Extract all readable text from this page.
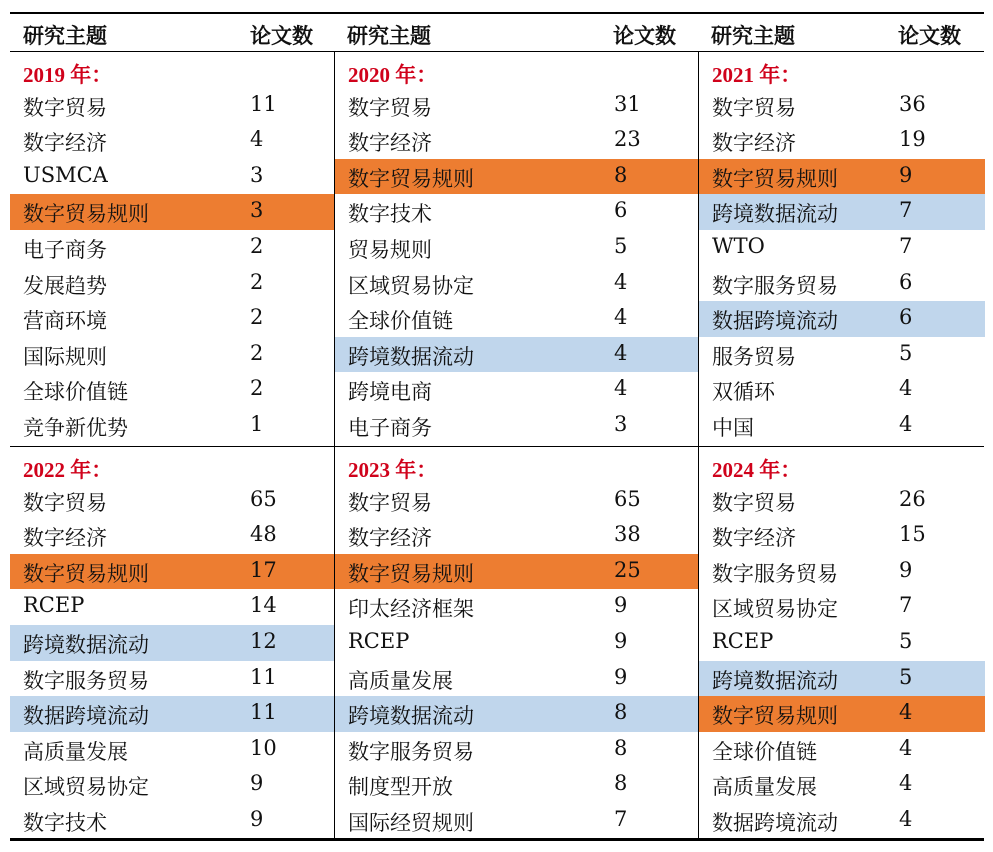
研究主题	论文数 研究主题	论文数 研究主题	论文数
2019 年：
数字贸易	11
数字经济	4
USMCA	3
数字贸易规则	3
电子商务	2
发展趋势	2
营商环境	2
国际规则	2
全球价值链	2
竞争新优势	1
2020 年：
数字贸易	31
数字经济	23
数字贸易规则	8
数字技术	6
贸易规则	5
区域贸易协定	4
全球价值链	4
跨境数据流动	4
跨境电商	4
电子商务	3
2021 年：
数字贸易	36
数字经济	19
数字贸易规则	9
跨境数据流动	7
WTO	7
数字服务贸易	6
数据跨境流动	6
服务贸易	5
双循环	4
中国	4
2022 年：
数字贸易	65
数字经济	48
数字贸易规则	17
RCEP	14
跨境数据流动	12
数字服务贸易	11
数据跨境流动	11
高质量发展	10
区域贸易协定	9
数字技术	9
2023 年：
数字贸易	65
数字经济	38
数字贸易规则	25
印太经济框架	9
RCEP	9
高质量发展	9
跨境数据流动	8
数字服务贸易	8
制度型开放	8
国际经贸规则	7
2024 年：
数字贸易	26
数字经济	15
数字服务贸易	9
区域贸易协定	7
RCEP	5
跨境数据流动	5
数字贸易规则	4
全球价值链	4
高质量发展	4
数据跨境流动	4
